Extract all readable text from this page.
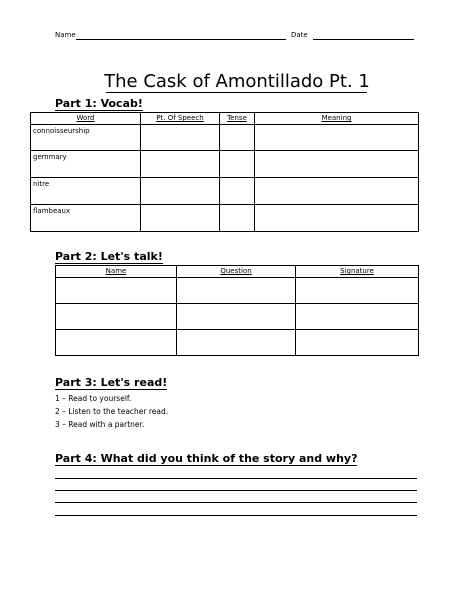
Name	Date
The Cask of Amontillado Pt. 1
Part 1: Vocab!
Word	Pt. Of Speech	Tense	Meaning
connoisseurship			
gemmary			
nitre			
flambeaux			
Part 2: Let's talk!
Name	Question	Signature

Part 3: Let's read!
1 – Read to yourself.
2 – Listen to the teacher read.
3 – Read with a partner.
Part 4: What did you think of the story and why?
